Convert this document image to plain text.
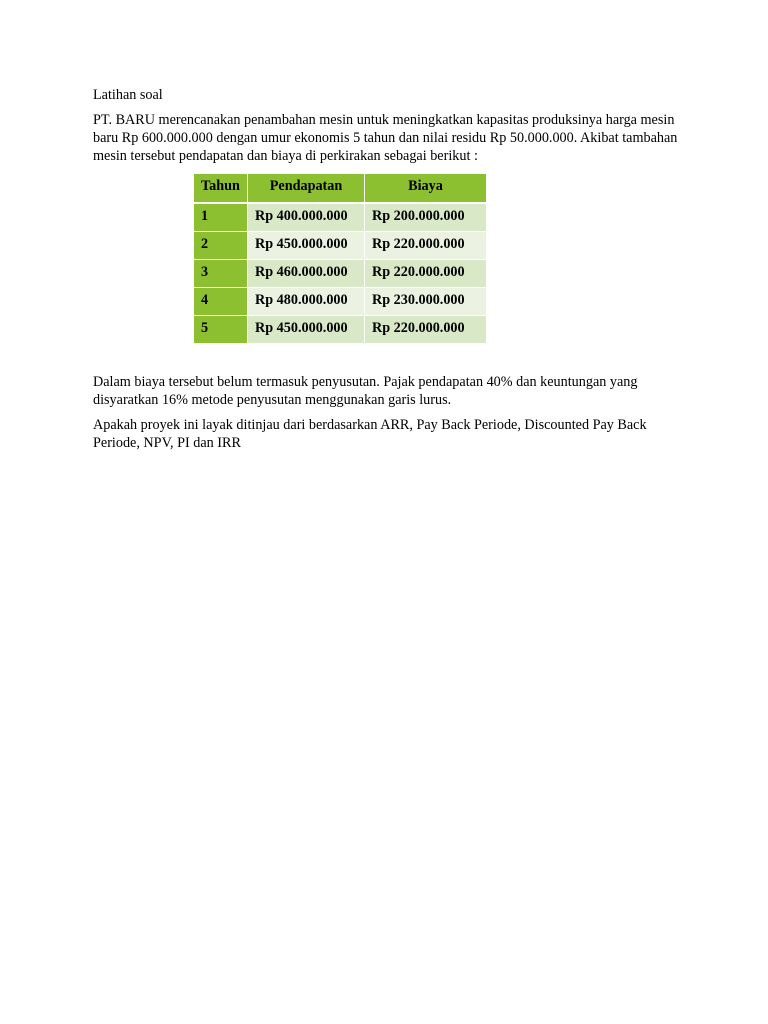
Latihan soal

PT. BARU merencanakan penambahan mesin untuk meningkatkan kapasitas produksinya harga mesin
baru Rp 600.000.000 dengan umur ekonomis 5 tahun dan nilai residu Rp 50.000.000. Akibat tambahan
mesin tersebut pendapatan dan biaya di perkirakan sebagai berikut :

Tahun	Pendapatan	Biaya
1	Rp 400.000.000	Rp 200.000.000
2	Rp 450.000.000	Rp 220.000.000
3	Rp 460.000.000	Rp 220.000.000
4	Rp 480.000.000	Rp 230.000.000
5	Rp 450.000.000	Rp 220.000.000

Dalam biaya tersebut belum termasuk penyusutan. Pajak pendapatan 40% dan keuntungan yang
disyaratkan 16% metode penyusutan menggunakan garis lurus.

Apakah proyek ini layak ditinjau dari berdasarkan ARR, Pay Back Periode, Discounted Pay Back
Periode, NPV, PI dan IRR
